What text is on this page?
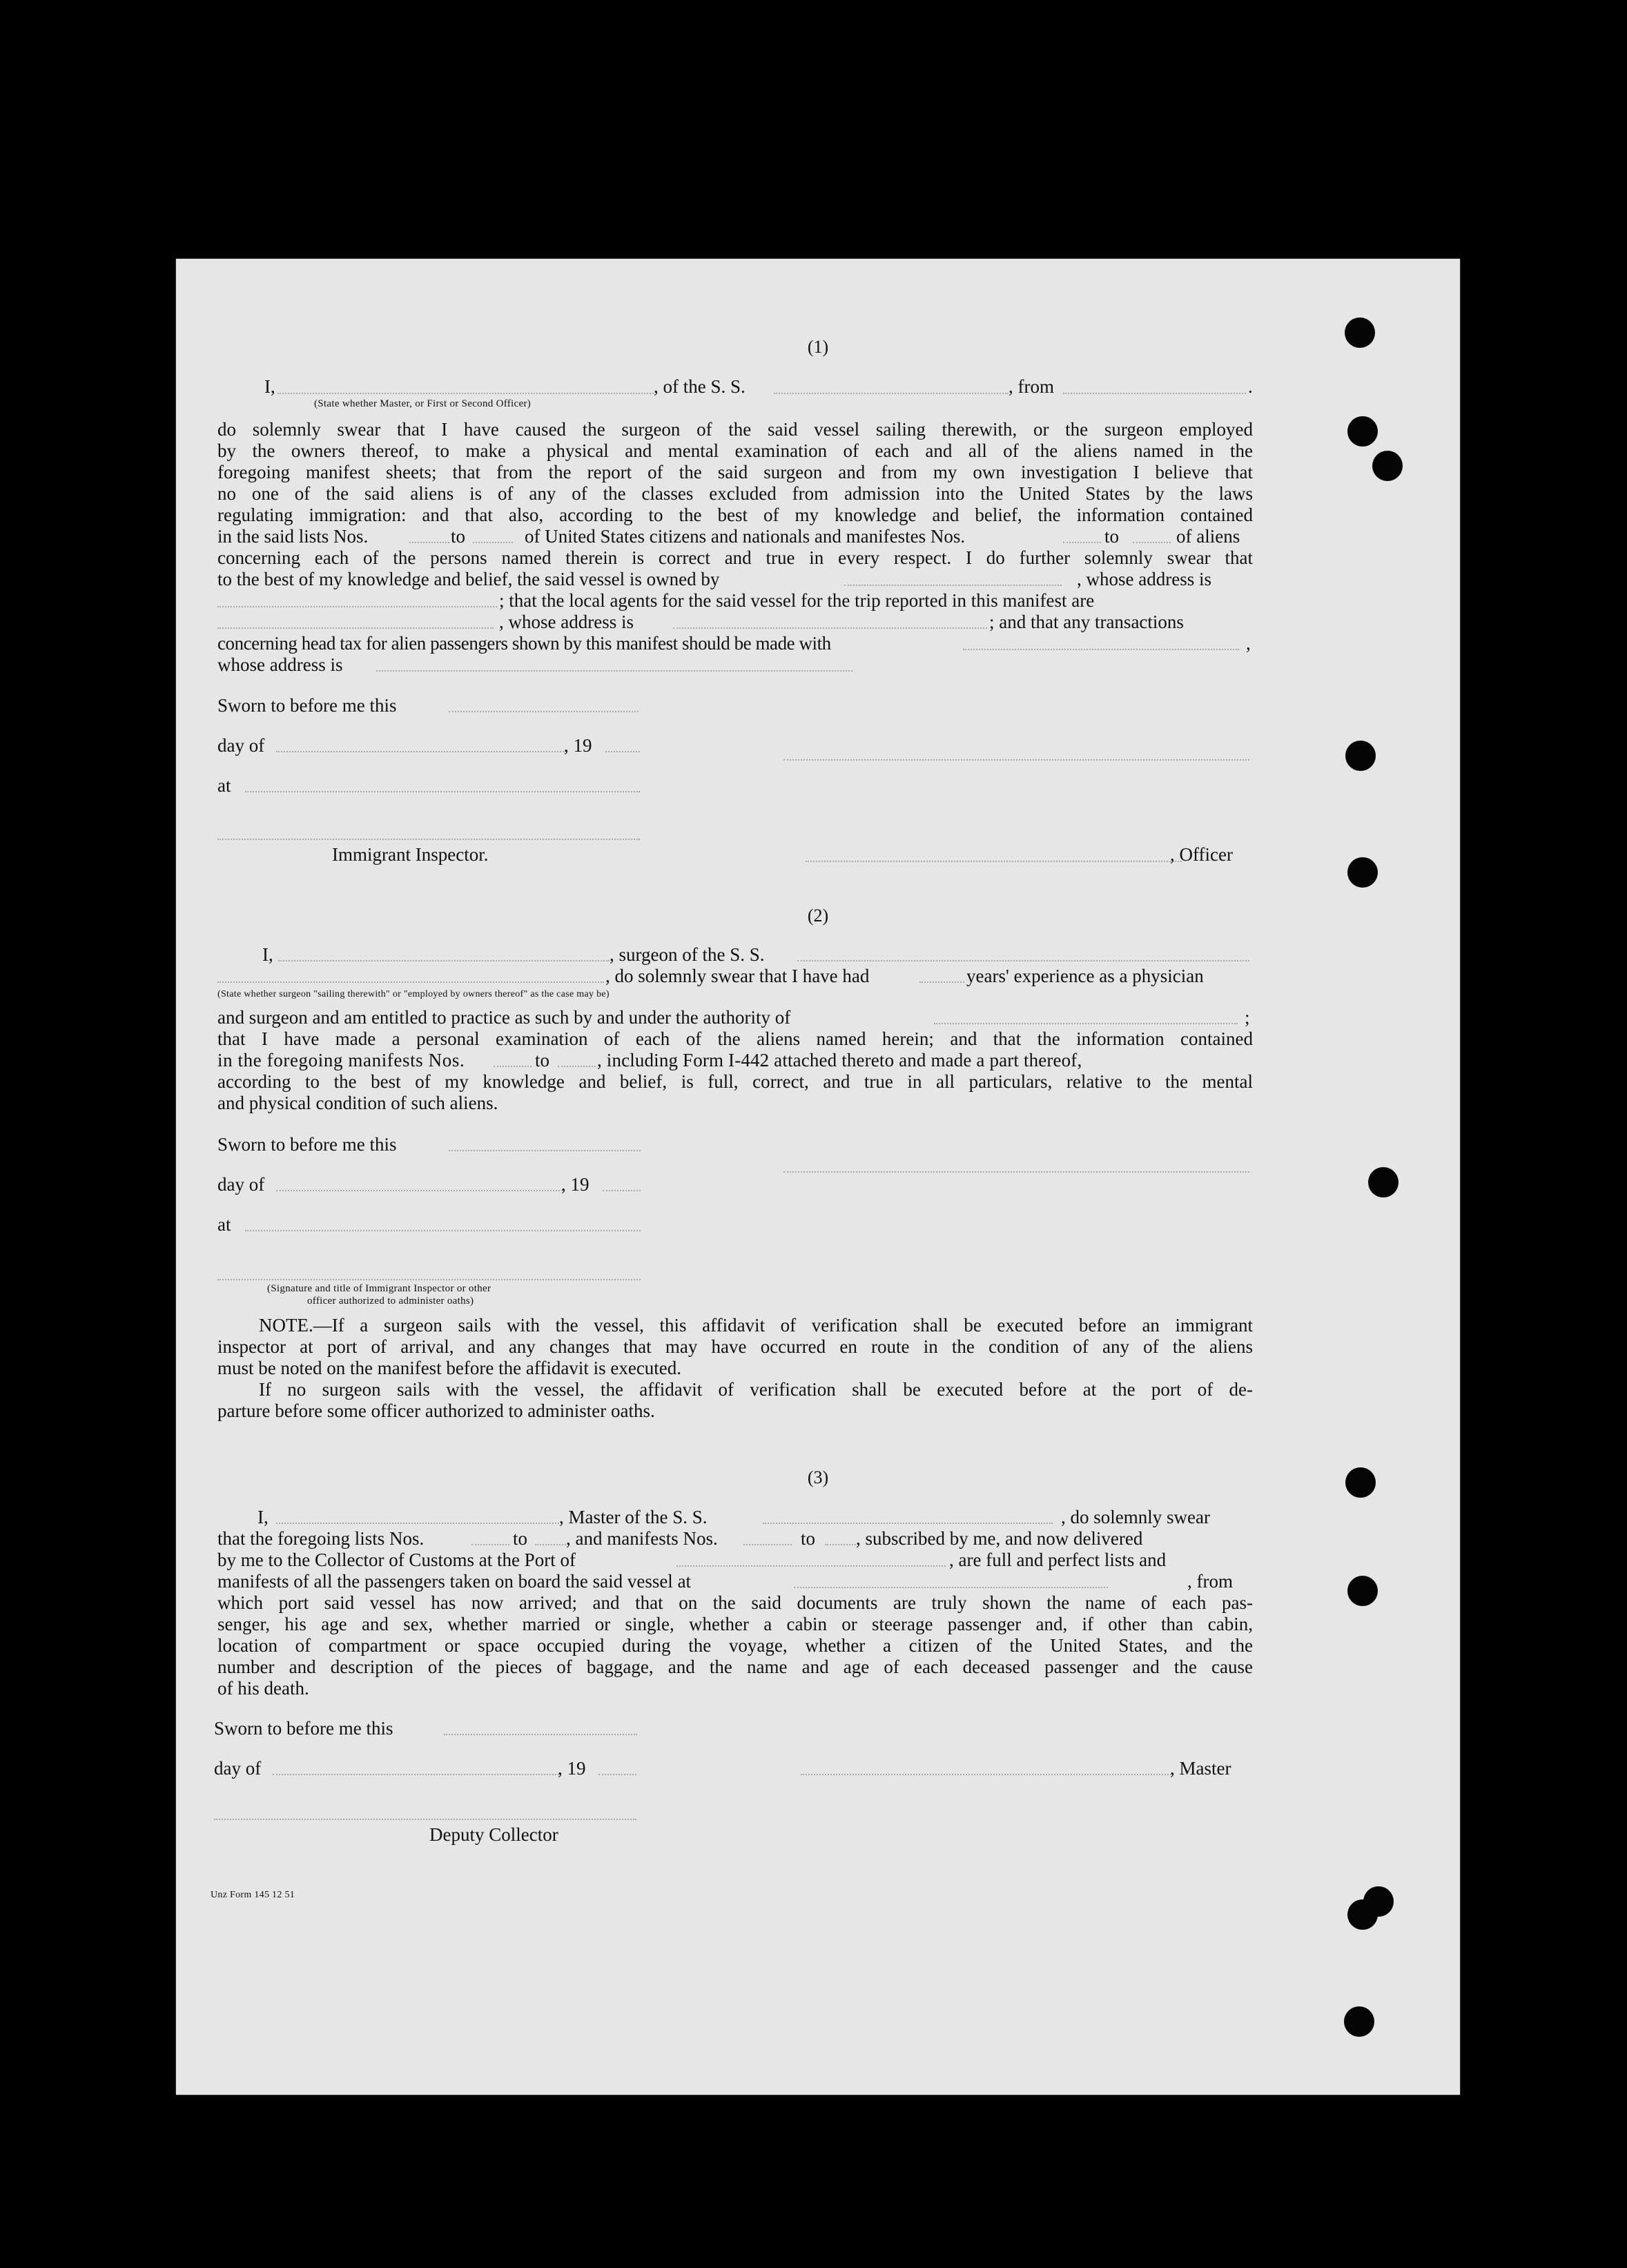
(1)
I,	, of the S. S.	, from	.
(State whether Master, or First or Second Officer)
do solemnly swear that I have caused the surgeon of the said vessel sailing therewith, or the surgeon employed
by the owners thereof, to make a physical and mental examination of each and all of the aliens named in the
foregoing manifest sheets; that from the report of the said surgeon and from my own investigation I believe that
no one of the said aliens is of any of the classes excluded from admission into the United States by the laws
regulating immigration: and that also, according to the best of my knowledge and belief, the information contained
in the said lists Nos.	to	of United States citizens and nationals and manifestes Nos.	to	of aliens
concerning each of the persons named therein is correct and true in every respect. I do further solemnly swear that
to the best of my knowledge and belief, the said vessel is owned by	, whose address is
; that the local agents for the said vessel for the trip reported in this manifest are
, whose address is	; and that any transactions
concerning head tax for alien passengers shown by this manifest should be made with	,
whose address is
Sworn to before me this
day of	, 19
at
Immigrant Inspector.	, Officer
(2)
I,	, surgeon of the S. S.
, do solemnly swear that I have had	years' experience as a physician
(State whether surgeon "sailing therewith" or "employed by owners thereof" as the case may be)
and surgeon and am entitled to practice as such by and under the authority of	;
that I have made a personal examination of each of the aliens named herein; and that the information contained
in the foregoing manifests Nos.	to	, including Form I-442 attached thereto and made a part thereof,
according to the best of my knowledge and belief, is full, correct, and true in all particulars, relative to the mental
and physical condition of such aliens.
Sworn to before me this
day of	, 19
at
(Signature and title of Immigrant Inspector or other
officer authorized to administer oaths)
NOTE.—If a surgeon sails with the vessel, this affidavit of verification shall be executed before an immigrant
inspector at port of arrival, and any changes that may have occurred en route in the condition of any of the aliens
must be noted on the manifest before the affidavit is executed.
If no surgeon sails with the vessel, the affidavit of verification shall be executed before at the port of de-
parture before some officer authorized to administer oaths.
(3)
I,	, Master of the S. S.	, do solemnly swear
that the foregoing lists Nos.	to , and manifests Nos.	to , subscribed by me, and now delivered
by me to the Collector of Customs at the Port of	, are full and perfect lists and
manifests of all the passengers taken on board the said vessel at	, from
which port said vessel has now arrived; and that on the said documents are truly shown the name of each pas-
senger, his age and sex, whether married or single, whether a cabin or steerage passenger and, if other than cabin,
location of compartment or space occupied during the voyage, whether a citizen of the United States, and the
number and description of the pieces of baggage, and the name and age of each deceased passenger and the cause
of his death.
Sworn to before me this
day of	, 19	, Master
Deputy Collector
Unz Form 145 12 51
